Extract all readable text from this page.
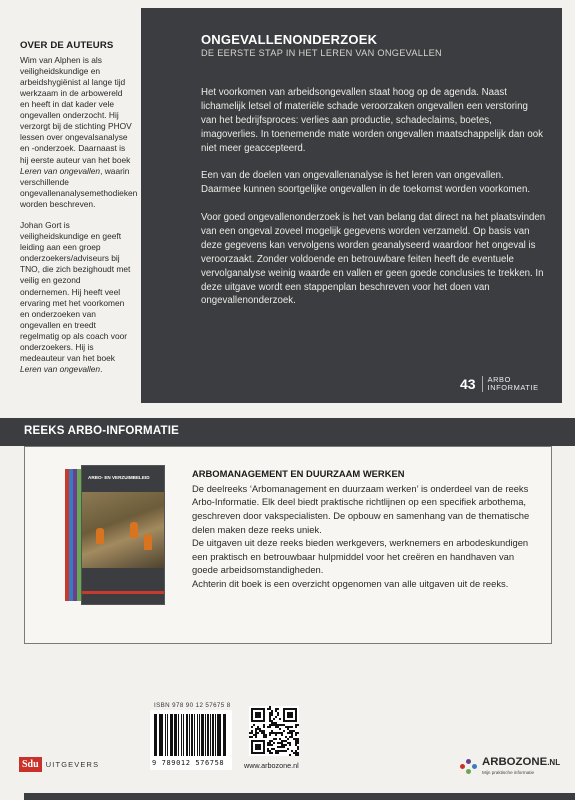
OVER DE AUTEURS

Wim van Alphen is als veiligheidskundige en arbeidshygiënist al lange tijd werkzaam in de arbowereld en heeft in dat kader vele ongevallen onderzocht. Hij verzorgt bij de stichting PHOV lessen over ongevalsanalyse en -onderzoek. Daarnaast is hij eerste auteur van het boek Leren van ongevallen, waarin verschillende ongevallenanalysemethodieken worden beschreven.

Johan Gort is veiligheidskundige en geeft leiding aan een groep onderzoekers/adviseurs bij TNO, die zich bezighoudt met veilig en gezond ondernemen. Hij heeft veel ervaring met het voorkomen en onderzoeken van ongevallen en treedt regelmatig op als coach voor onderzoekers. Hij is medeauteur van het boek Leren van ongevallen.

ONGEVALLENONDERZOEK
DE EERSTE STAP IN HET LEREN VAN ONGEVALLEN

Het voorkomen van arbeidsongevallen staat hoog op de agenda. Naast lichamelijk letsel of materiële schade veroorzaken ongevallen een verstoring van het bedrijfsproces: verlies aan productie, schadeclaims, boetes, imagoverlies. In toenemende mate worden ongevallen maatschappelijk dan ook niet meer geaccepteerd.

Een van de doelen van ongevallenanalyse is het leren van ongevallen. Daarmee kunnen soortgelijke ongevallen in de toekomst worden voorkomen.

Voor goed ongevallenonderzoek is het van belang dat direct na het plaatsvinden van een ongeval zoveel mogelijk gegevens worden verzameld. Op basis van deze gegevens kan vervolgens worden geanalyseerd waardoor het ongeval is veroorzaakt. Zonder voldoende en betrouwbare feiten heeft de eventuele vervolganalyse weinig waarde en vallen er geen goede conclusies te trekken. In deze uitgave wordt een stappenplan beschreven voor het doen van ongevallenonderzoek.

43	ARBO
INFORMATIE
REEKS ARBO-INFORMATIE
ARBO- EN VERZUIMBELEID	ARBOMANAGEMENT EN DUURZAAM WERKEN

De deelreeks ‘Arbomanagement en duurzaam werken’ is onderdeel van de reeks Arbo-Informatie. Elk deel biedt praktische richtlijnen op een specifiek arbothema, geschreven door vakspecialisten. De opbouw en samenhang van de thematische delen maken deze reeks uniek.

De uitgaven uit deze reeks bieden werkgevers, werknemers en arbodeskundigen een praktisch en betrouwbaar hulpmiddel voor het creëren en handhaven van goede arbeidsomstandigheden.

Achterin dit boek is een overzicht opgenomen van alle uitgaven uit de reeks.

ISBN 978 90 12 57675 8
9 789012 576758	www.arbozone.nl
Sdu UITGEVERS	ARBOZONE.NL
Mijn praktische informatie
